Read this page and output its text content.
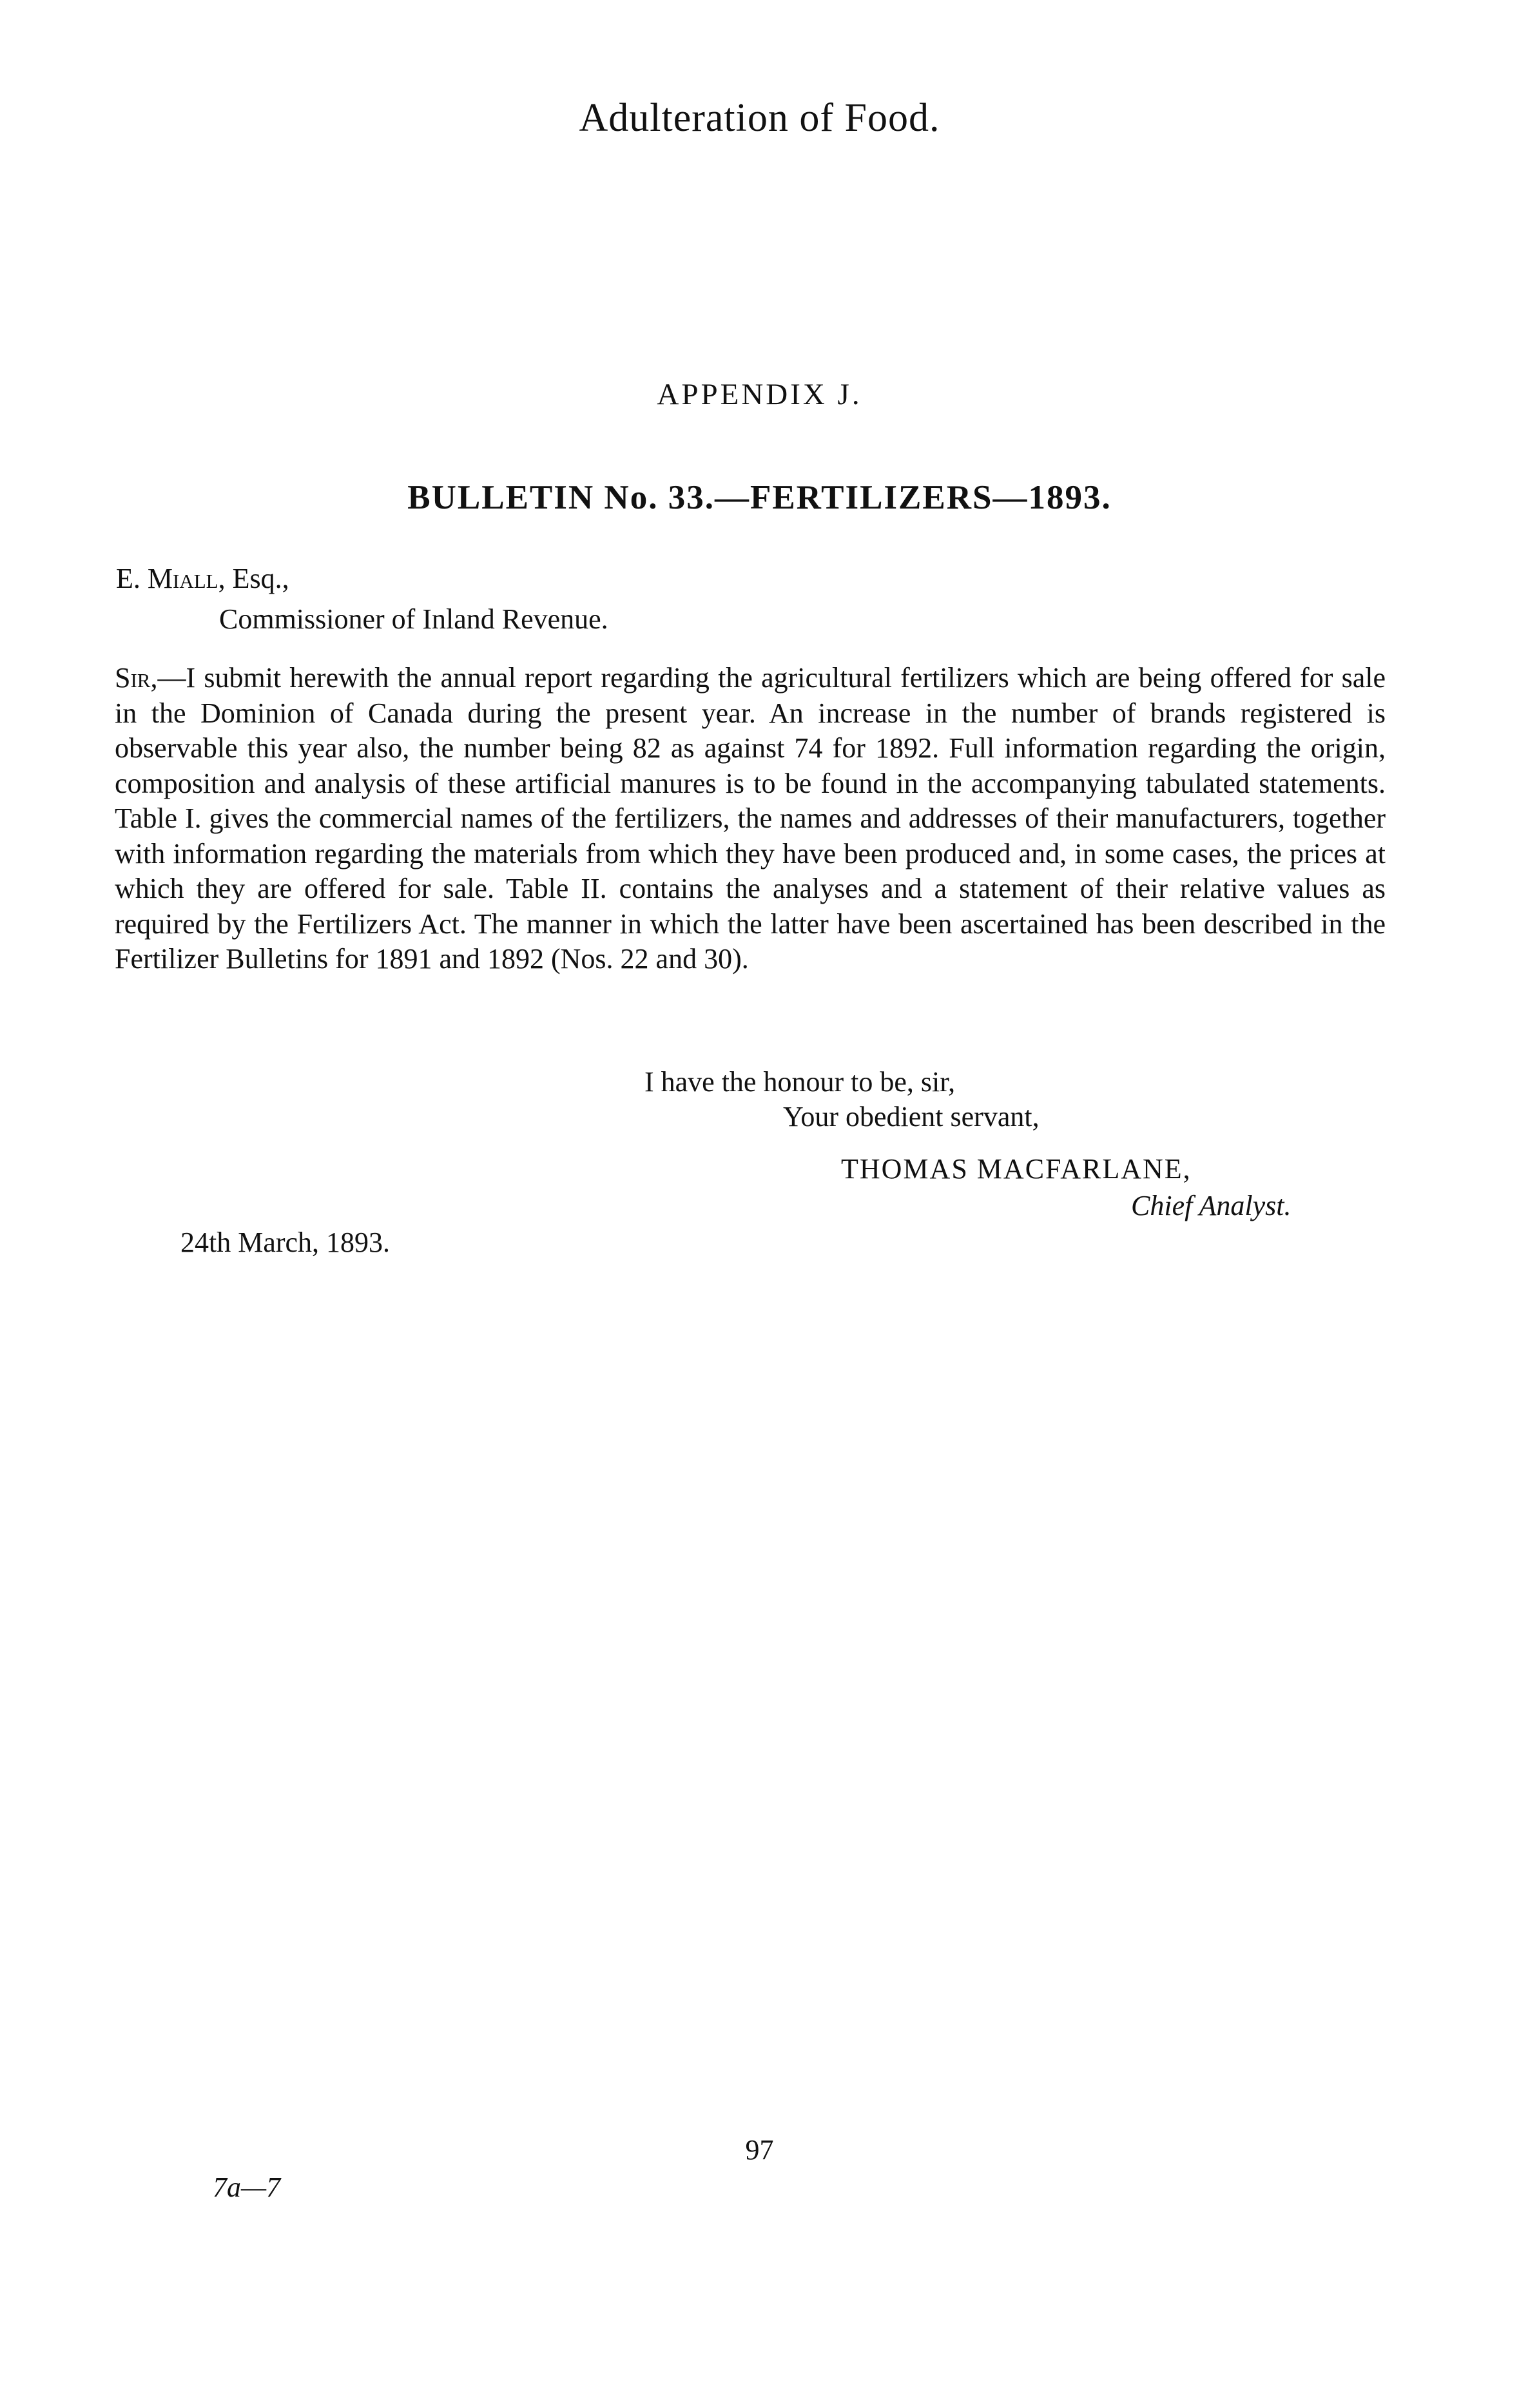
Adulteration of Food.
APPENDIX J.
BULLETIN No. 33.—FERTILIZERS—1893.
E. Miall, Esq.,
Commissioner of Inland Revenue.
Sir,—I submit herewith the annual report regarding the agricultural fertilizers which are being offered for sale in the Dominion of Canada during the present year. An increase in the number of brands registered is observable this year also, the number being 82 as against 74 for 1892. Full information regarding the origin, composition and analysis of these artificial manures is to be found in the accompanying tabulated statements. Table I. gives the commercial names of the fertilizers, the names and addresses of their manufacturers, together with information regarding the materials from which they have been produced and, in some cases, the prices at which they are offered for sale. Table II. contains the analyses and a statement of their relative values as required by the Fertilizers Act. The manner in which the latter have been ascertained has been described in the Fertilizer Bulletins for 1891 and 1892 (Nos. 22 and 30).
I have the honour to be, sir,
Your obedient servant,
THOMAS MACFARLANE,
Chief Analyst.
24th March, 1893.
97
7a—7
